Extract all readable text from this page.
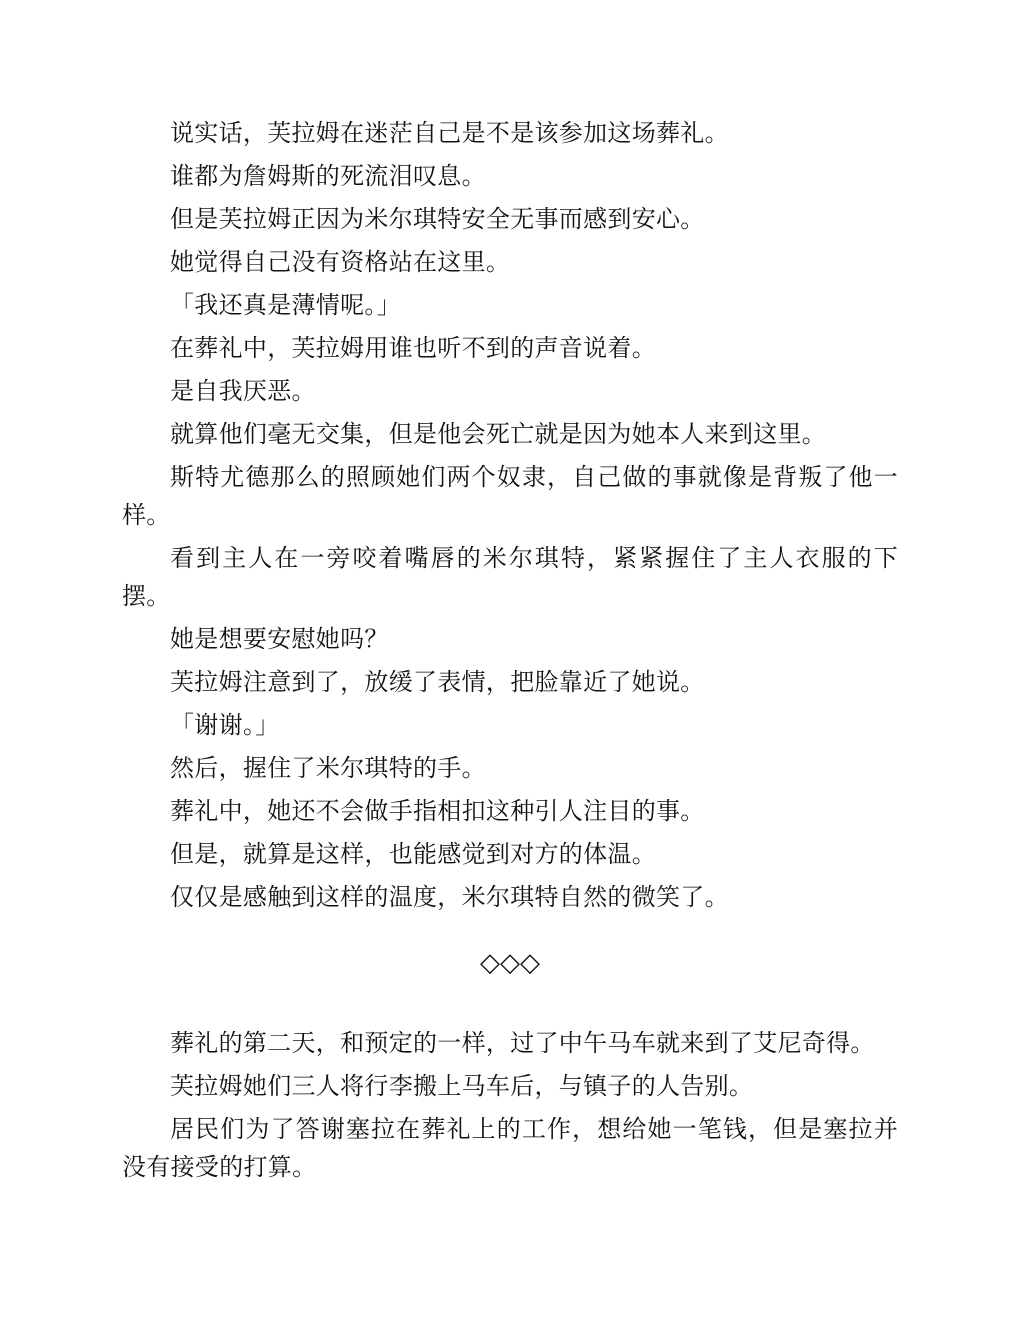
说实话，芙拉姆在迷茫自己是不是该参加这场葬礼。

谁都为詹姆斯的死流泪叹息。

但是芙拉姆正因为米尔琪特安全无事而感到安心。

她觉得自己没有资格站在这里。

「我还真是薄情呢。」

在葬礼中，芙拉姆用谁也听不到的声音说着。

是自我厌恶。

就算他们毫无交集，但是他会死亡就是因为她本人来到这里。

斯特尤德那么的照顾她们两个奴隶，自己做的事就像是背叛了他一样。

看到主人在一旁咬着嘴唇的米尔琪特，紧紧握住了主人衣服的下摆。

她是想要安慰她吗？

芙拉姆注意到了，放缓了表情，把脸靠近了她说。

「谢谢。」

然后，握住了米尔琪特的手。

葬礼中，她还不会做手指相扣这种引人注目的事。

但是，就算是这样，也能感觉到对方的体温。

仅仅是感触到这样的温度，米尔琪特自然的微笑了。

◇◇◇

葬礼的第二天，和预定的一样，过了中午马车就来到了艾尼奇得。

芙拉姆她们三人将行李搬上马车后，与镇子的人告别。

居民们为了答谢塞拉在葬礼上的工作，想给她一笔钱，但是塞拉并没有接受的打算。
